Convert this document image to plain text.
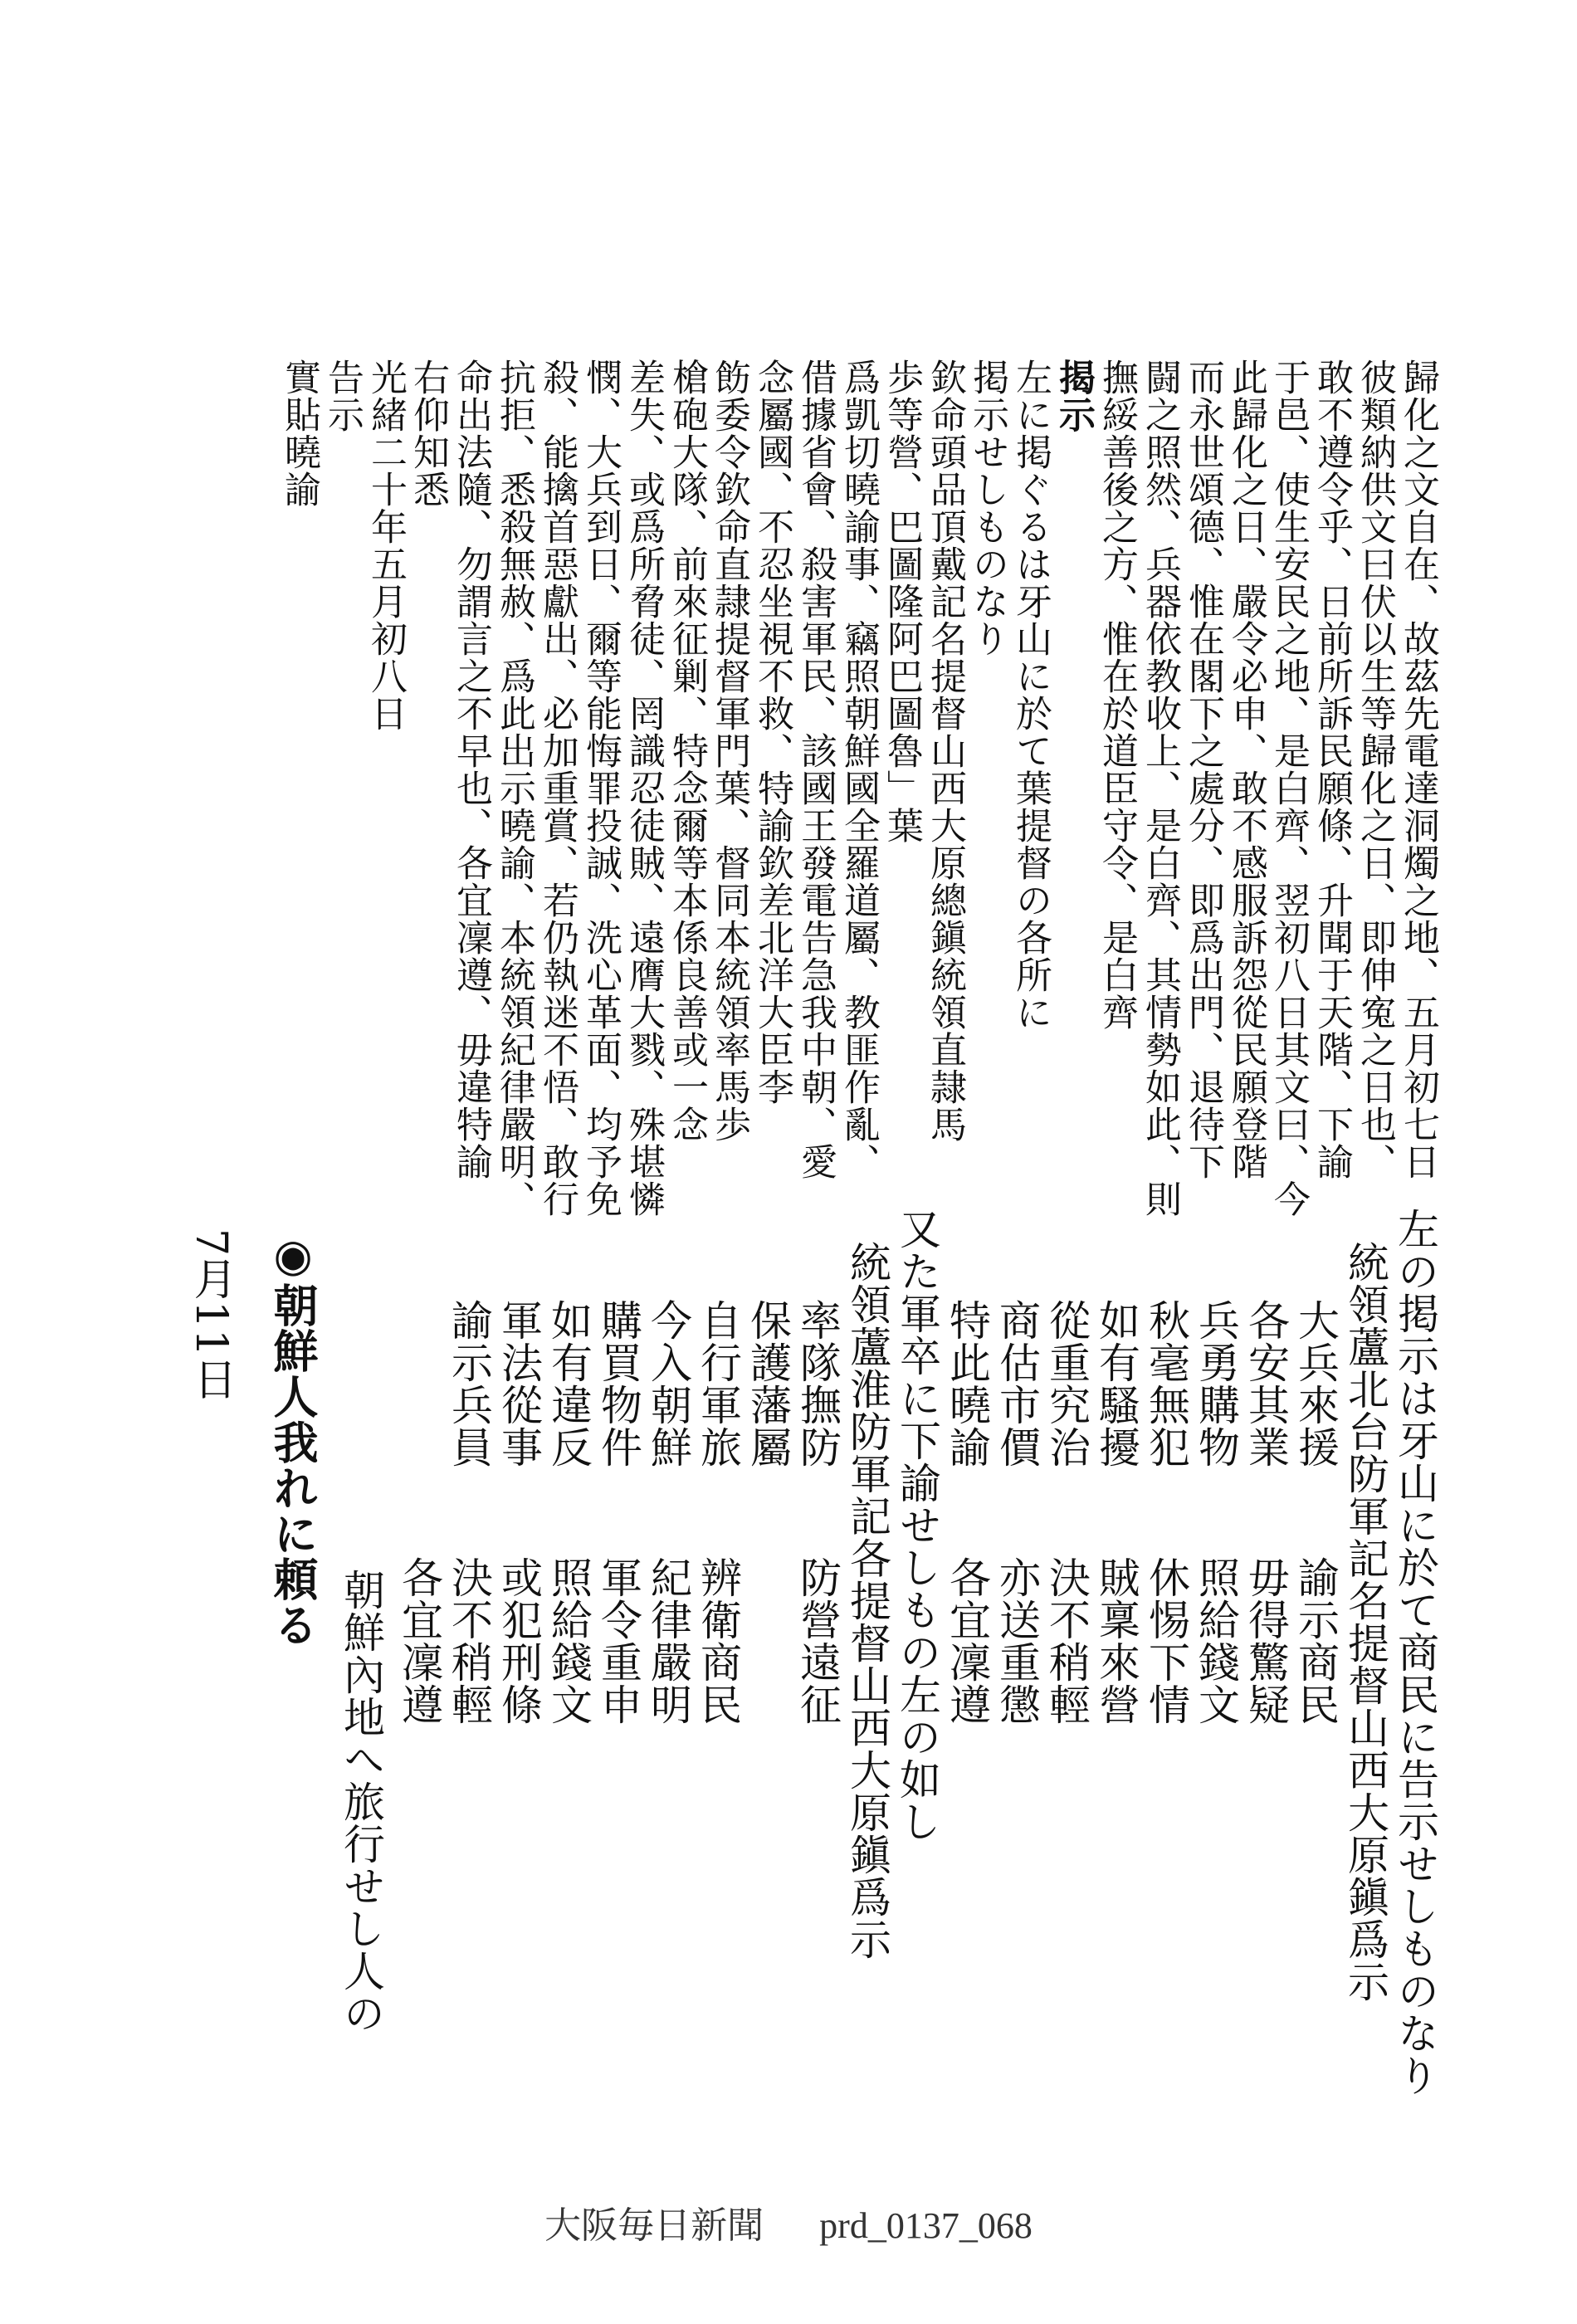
歸化之文自在、故茲先電達洞燭之地、五月初七日
彼類納供文曰伏以生等歸化之日、即伸寃之日也、
敢不遵令乎、日前所訴民願條、升聞于天階、下諭
于邑、使生安民之地、是白齊、翌初八日其文曰、今
此歸化之日、嚴令必申、敢不感服訴怨從民願登階
而永世頌德、惟在閣下之處分、即爲出門、退待下
闘之照然、兵器依教收上、是白齊、其情勢如此、則
撫綏善後之方、惟在於道臣守令、是白齊
揭示
左に掲ぐるは牙山に於て葉提督の各所に
掲示せしものなり
欽命頭品頂戴記名提督山西大原總鎭統領直隷馬
歩等營、巴圖隆阿巴圖魯」葉
爲凱切曉諭事、竊照朝鮮國全羅道屬、教匪作亂、
借據省會、殺害軍民、該國王發電告急我中朝、愛
念屬國、不忍坐視不救、特諭欽差北洋大臣李
飭委令欽命直隷提督軍門葉、督同本統領率馬歩
槍砲大隊、前來征剿、特念爾等本係良善或一念
差失、或爲所脅徒、罔識忍徒賊、遠膺大戮、殊堪憐
憫、大兵到日、爾等能悔罪投誠、洗心革面、均予免
殺、能擒首惡獻出、必加重賞、若仍執迷不悟、敢行
抗拒、悉殺無赦、爲此出示曉諭、本統領紀律嚴明、
命出法隨、勿謂言之不早也、各宜凜遵、毋違特諭
右仰知悉
光緒二十年五月初八日
告示
實貼曉諭
左の掲示は牙山に於て商民に告示せしものなり
統領蘆北台防軍記名提督山西大原鎭爲示
大兵來援諭示商民
各安其業毋得驚疑
兵勇購物照給錢文
秋毫無犯休惕下情
如有騷擾賊稟來營
從重究治決不稍輕
商估市價亦送重懲
特此曉諭各宜凜遵
又た軍卒に下諭せしもの左の如し
統領蘆淮防軍記各提督山西大原鎭爲示
率隊撫防防營遠征
保護藩屬
自行軍旅辨衛商民
今入朝鮮紀律嚴明
購買物件軍令重申
如有違反照給錢文
軍法從事或犯刑條
諭示兵員決不稍輕
各宜凜遵
7月11日 ◉朝鮮人我れに頼る
朝鮮內地へ旅行せし人の
大阪毎日新聞 prd_0137_068
